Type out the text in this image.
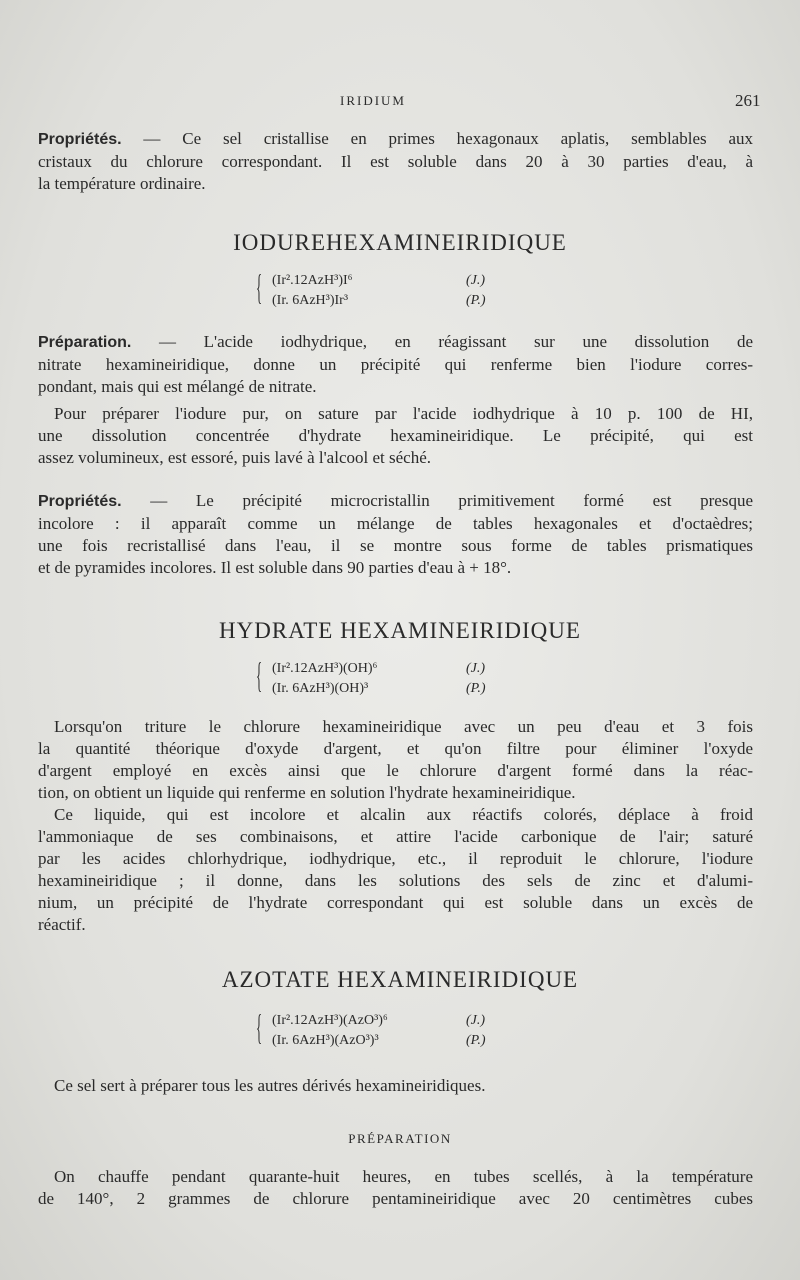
IRIDIUM	261
Propriétés. — Ce sel cristallise en primes hexagonaux aplatis, semblables aux
cristaux du chlorure correspondant. Il est soluble dans 20 à 30 parties d'eau, à
la température ordinaire.
IODUREHEXAMINEIRIDIQUE
{ (Ir².12AzH³)I⁶	(J.)
(Ir. 6AzH³)Ir³	(P.)
Préparation. — L'acide iodhydrique, en réagissant sur une dissolution de
nitrate hexamineiridique, donne un précipité qui renferme bien l'iodure corres-
pondant, mais qui est mélangé de nitrate.
Pour préparer l'iodure pur, on sature par l'acide iodhydrique à 10 p. 100 de HI,
une dissolution concentrée d'hydrate hexamineiridique. Le précipité, qui est
assez volumineux, est essoré, puis lavé à l'alcool et séché.
Propriétés. — Le précipité microcristallin primitivement formé est presque
incolore : il apparaît comme un mélange de tables hexagonales et d'octaèdres;
une fois recristallisé dans l'eau, il se montre sous forme de tables prismatiques
et de pyramides incolores. Il est soluble dans 90 parties d'eau à + 18°.
HYDRATE HEXAMINEIRIDIQUE
{ (Ir².12AzH³)(OH)⁶	(J.)
(Ir. 6AzH³)(OH)³	(P.)
Lorsqu'on triture le chlorure hexamineiridique avec un peu d'eau et 3 fois
la quantité théorique d'oxyde d'argent, et qu'on filtre pour éliminer l'oxyde
d'argent employé en excès ainsi que le chlorure d'argent formé dans la réac-
tion, on obtient un liquide qui renferme en solution l'hydrate hexamineiridique.
Ce liquide, qui est incolore et alcalin aux réactifs colorés, déplace à froid
l'ammoniaque de ses combinaisons, et attire l'acide carbonique de l'air; saturé
par les acides chlorhydrique, iodhydrique, etc., il reproduit le chlorure, l'iodure
hexamineiridique ; il donne, dans les solutions des sels de zinc et d'alumi-
nium, un précipité de l'hydrate correspondant qui est soluble dans un excès de
réactif.
AZOTATE HEXAMINEIRIDIQUE
{ (Ir².12AzH³)(AzO³)⁶	(J.)
(Ir. 6AzH³)(AzO³)³	(P.)
Ce sel sert à préparer tous les autres dérivés hexamineiridiques.
PRÉPARATION
On chauffe pendant quarante-huit heures, en tubes scellés, à la température
de 140°, 2 grammes de chlorure pentamineiridique avec 20 centimètres cubes
